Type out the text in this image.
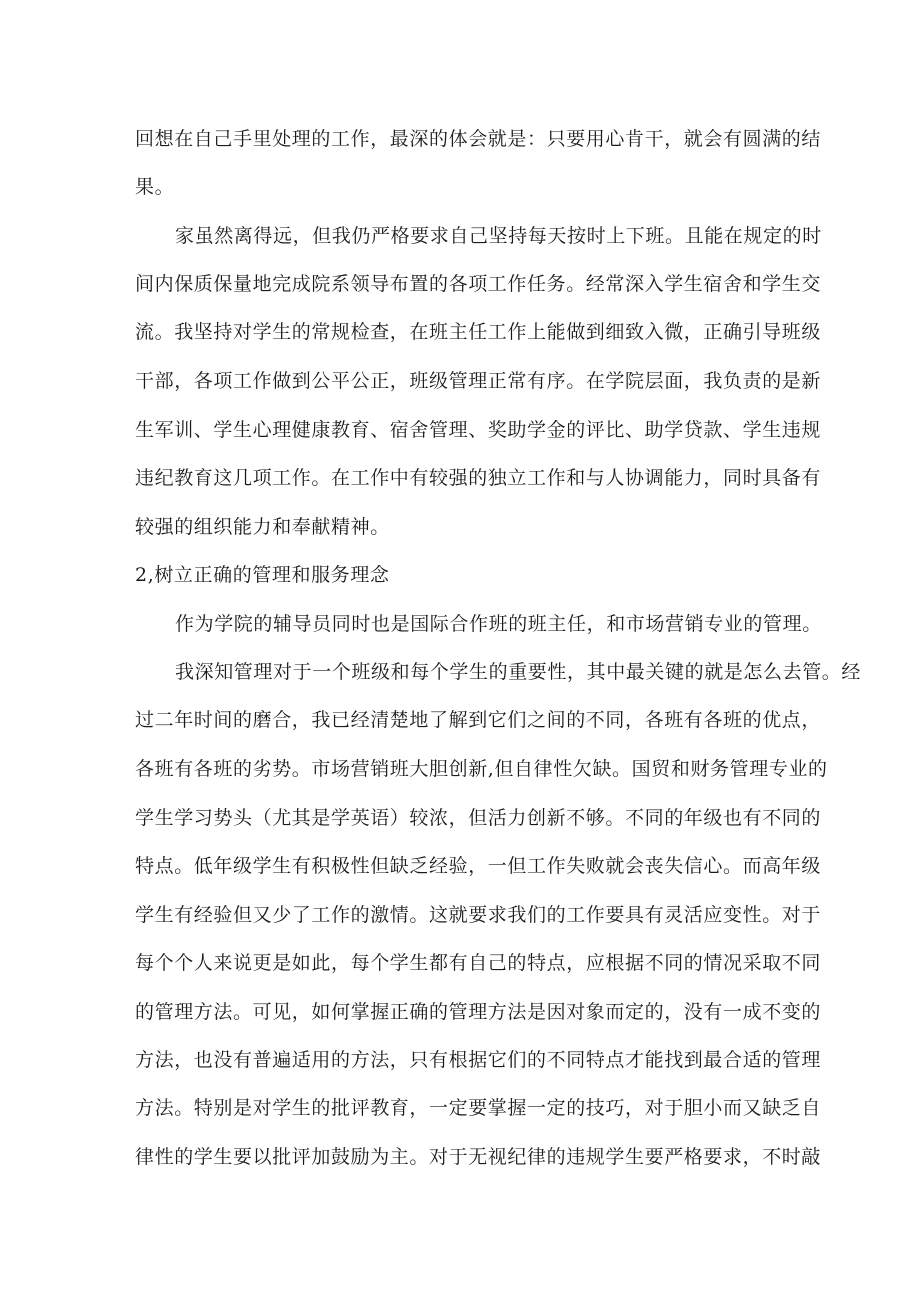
回想在自己手里处理的工作，最深的体会就是：只要用心肯干，就会有圆满的结
果。
家虽然离得远，但我仍严格要求自己坚持每天按时上下班。且能在规定的时
间内保质保量地完成院系领导布置的各项工作任务。经常深入学生宿舍和学生交
流。我坚持对学生的常规检查，在班主任工作上能做到细致入微，正确引导班级
干部，各项工作做到公平公正，班级管理正常有序。在学院层面，我负责的是新
生军训、学生心理健康教育、宿舍管理、奖助学金的评比、助学贷款、学生违规
违纪教育这几项工作。在工作中有较强的独立工作和与人协调能力，同时具备有
较强的组织能力和奉献精神。
2,树立正确的管理和服务理念
作为学院的辅导员同时也是国际合作班的班主任，和市场营销专业的管理。
我深知管理对于一个班级和每个学生的重要性，其中最关键的就是怎么去管。经
过二年时间的磨合，我已经清楚地了解到它们之间的不同，各班有各班的优点，
各班有各班的劣势。市场营销班大胆创新,但自律性欠缺。国贸和财务管理专业的
学生学习势头（尤其是学英语）较浓，但活力创新不够。不同的年级也有不同的
特点。低年级学生有积极性但缺乏经验，一但工作失败就会丧失信心。而高年级
学生有经验但又少了工作的激情。这就要求我们的工作要具有灵活应变性。对于
每个个人来说更是如此，每个学生都有自己的特点，应根据不同的情况采取不同
的管理方法。可见，如何掌握正确的管理方法是因对象而定的，没有一成不变的
方法，也没有普遍适用的方法，只有根据它们的不同特点才能找到最合适的管理
方法。特别是对学生的批评教育，一定要掌握一定的技巧，对于胆小而又缺乏自
律性的学生要以批评加鼓励为主。对于无视纪律的违规学生要严格要求，不时敲
